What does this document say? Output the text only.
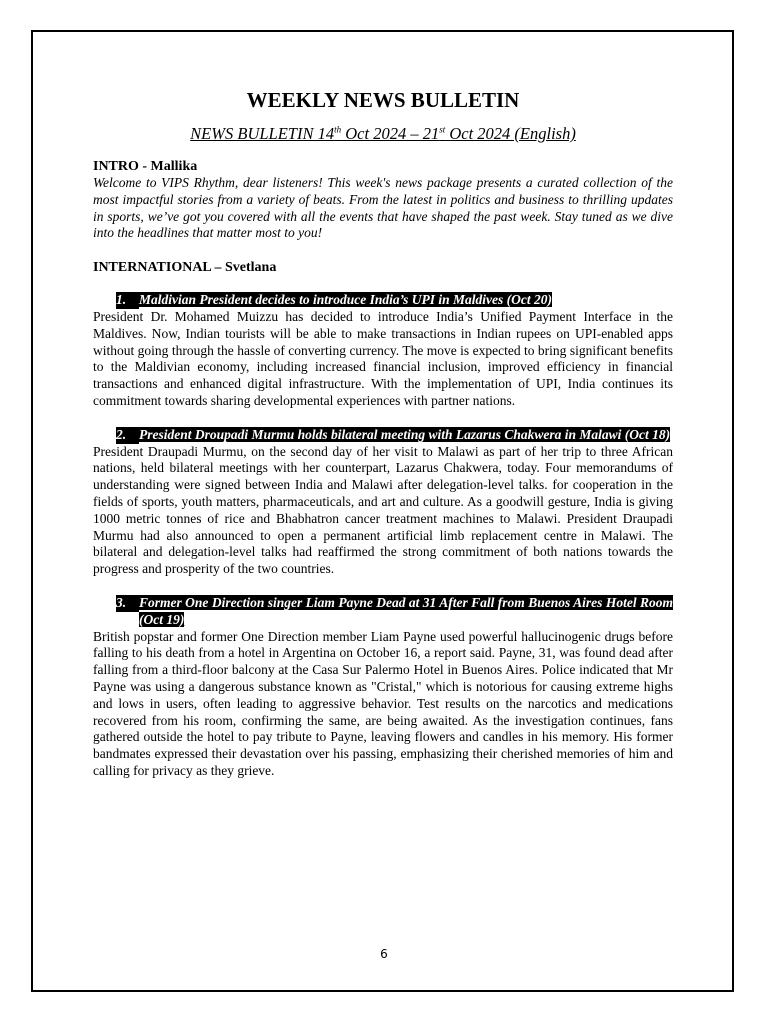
WEEKLY NEWS BULLETIN
NEWS BULLETIN 14th Oct 2024 – 21st Oct 2024 (English)
INTRO - Mallika

Welcome to VIPS Rhythm, dear listeners! This week's news package presents a curated collection of the most impactful stories from a variety of beats. From the latest in politics and business to thrilling updates in sports, we’ve got you covered with all the events that have shaped the past week. Stay tuned as we dive into the headlines that matter most to you!

INTERNATIONAL – Svetlana
1. Maldivian President decides to introduce India’s UPI in Maldives (Oct 20)

President Dr. Mohamed Muizzu has decided to introduce India’s Unified Payment Interface in the Maldives. Now, Indian tourists will be able to make transactions in Indian rupees on UPI-enabled apps without going through the hassle of converting currency. The move is expected to bring significant benefits to the Maldivian economy, including increased financial inclusion, improved efficiency in financial transactions and enhanced digital infrastructure. With the implementation of UPI, India continues its commitment towards sharing developmental experiences with partner nations.

2. President Droupadi Murmu holds bilateral meeting with Lazarus Chakwera in Malawi (Oct 18)

President Draupadi Murmu, on the second day of her visit to Malawi as part of her trip to three African nations, held bilateral meetings with her counterpart, Lazarus Chakwera, today. Four memorandums of understanding were signed between India and Malawi after delegation-level talks. for cooperation in the fields of sports, youth matters, pharmaceuticals, and art and culture. As a goodwill gesture, India is giving 1000 metric tonnes of rice and Bhabhatron cancer treatment machines to Malawi. President Draupadi Murmu had also announced to open a permanent artificial limb replacement centre in Malawi. The bilateral and delegation-level talks had reaffirmed the strong commitment of both nations towards the progress and prosperity of the two countries.

3. Former One Direction singer Liam Payne Dead at 31 After Fall from Buenos Aires Hotel Room (Oct 19)

British popstar and former One Direction member Liam Payne used powerful hallucinogenic drugs before falling to his death from a hotel in Argentina on October 16, a report said. Payne, 31, was found dead after falling from a third-floor balcony at the Casa Sur Palermo Hotel in Buenos Aires. Police indicated that Mr Payne was using a dangerous substance known as "Cristal," which is notorious for causing extreme highs and lows in users, often leading to aggressive behavior. Test results on the narcotics and medications recovered from his room, confirming the same, are being awaited. As the investigation continues, fans gathered outside the hotel to pay tribute to Payne, leaving flowers and candles in his memory. His former bandmates expressed their devastation over his passing, emphasizing their cherished memories of him and calling for privacy as they grieve.

6
